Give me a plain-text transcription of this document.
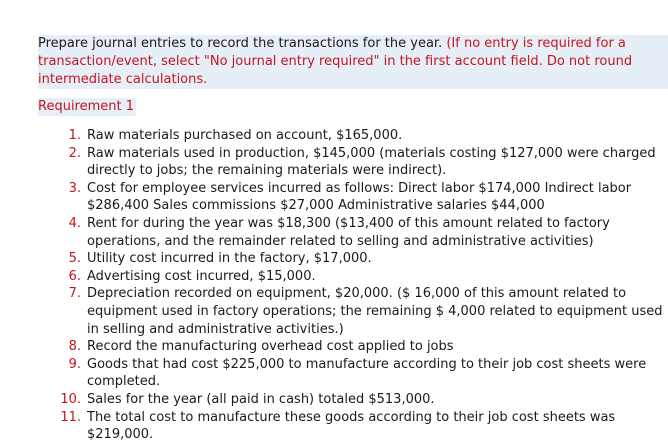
Prepare journal entries to record the transactions for the year. (If no entry is required for a transaction/event, select "No journal entry required" in the first account field. Do not round intermediate calculations.

Requirement 1
1. Raw materials purchased on account, $165,000.
2. Raw materials used in production, $145,000 (materials costing $127,000 were charged directly to jobs; the remaining materials were indirect).
3. Cost for employee services incurred as follows: Direct labor $174,000 Indirect labor $286,400 Sales commissions $27,000 Administrative salaries $44,000
4. Rent for during the year was $18,300 ($13,400 of this amount related to factory operations, and the remainder related to selling and administrative activities)
5. Utility cost incurred in the factory, $17,000.
6. Advertising cost incurred, $15,000.
7. Depreciation recorded on equipment, $20,000. ($ 16,000 of this amount related to equipment used in factory operations; the remaining $ 4,000 related to equipment used in selling and administrative activities.)
8. Record the manufacturing overhead cost applied to jobs
9. Goods that had cost $225,000 to manufacture according to their job cost sheets were completed.
10. Sales for the year (all paid in cash) totaled $513,000.
11. The total cost to manufacture these goods according to their job cost sheets was $219,000.
